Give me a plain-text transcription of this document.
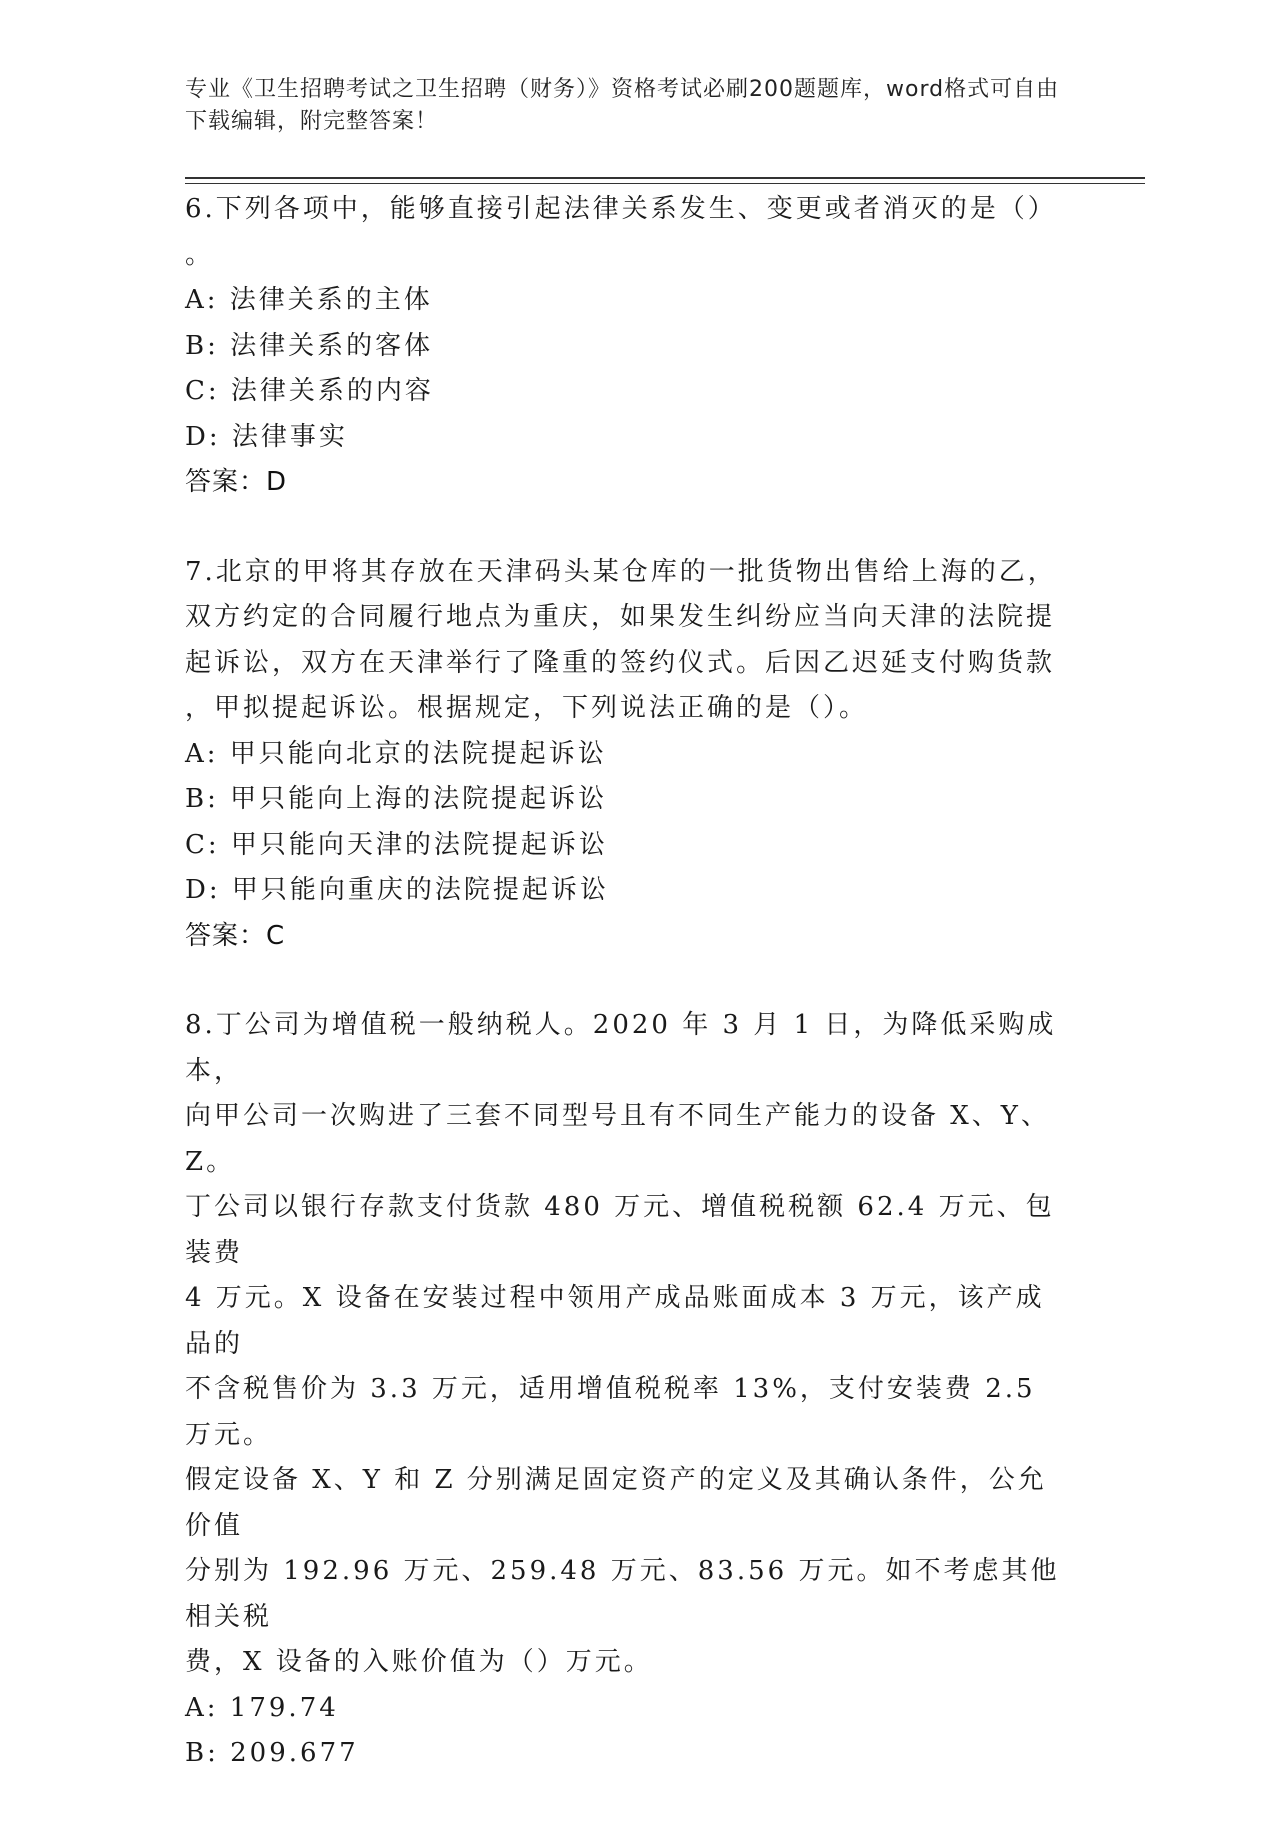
专业《卫生招聘考试之卫生招聘（财务）》资格考试必刷200题题库，word格式可自由下载编辑，附完整答案！

6.下列各项中，能够直接引起法律关系发生、变更或者消灭的是（）

。

A: 法律关系的主体

B: 法律关系的客体

C: 法律关系的内容

D: 法律事实

答案：D

7.北京的甲将其存放在天津码头某仓库的一批货物出售给上海的乙，

双方约定的合同履行地点为重庆，如果发生纠纷应当向天津的法院提

起诉讼，双方在天津举行了隆重的签约仪式。后因乙迟延支付购货款

，甲拟提起诉讼。根据规定，下列说法正确的是（）。

A: 甲只能向北京的法院提起诉讼

B: 甲只能向上海的法院提起诉讼

C: 甲只能向天津的法院提起诉讼

D: 甲只能向重庆的法院提起诉讼

答案：C

8.丁公司为增值税一般纳税人。2020 年 3 月 1 日，为降低采购成本，

向甲公司一次购进了三套不同型号且有不同生产能力的设备 X、Y、Z。

丁公司以银行存款支付货款 480 万元、增值税税额 62.4 万元、包装费

4 万元。X 设备在安装过程中领用产成品账面成本 3 万元，该产成品的

不含税售价为 3.3 万元，适用增值税税率 13%，支付安装费 2.5 万元。

假定设备 X、Y 和 Z 分别满足固定资产的定义及其确认条件，公允价值

分别为 192.96 万元、259.48 万元、83.56 万元。如不考虑其他相关税

费，X 设备的入账价值为（）万元。

A: 179.74

B: 209.677
